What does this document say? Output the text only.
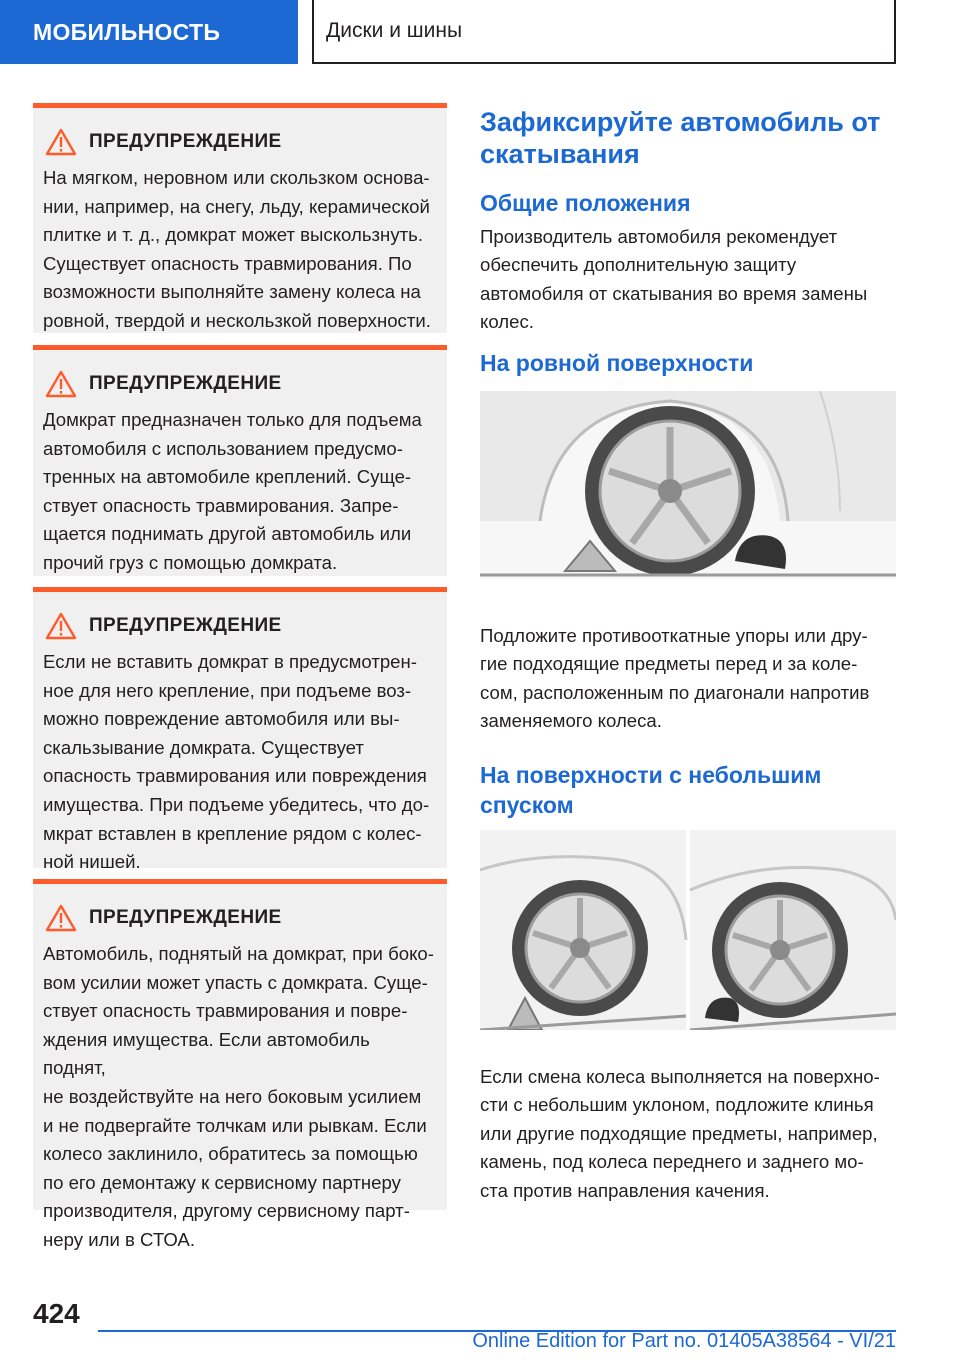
МОБИЛЬНОСТЬ	Диски и шины
ПРЕДУПРЕЖДЕНИЕ
На мягком, неровном или скользком основа-
нии, например, на снегу, льду, керамической
плитке и т. д., домкрат может выскользнуть.
Существует опасность травмирования. По
возможности выполняйте замену колеса на
ровной, твердой и нескользкой поверхности.
ПРЕДУПРЕЖДЕНИЕ
Домкрат предназначен только для подъема
автомобиля с использованием предусмо-
тренных на автомобиле креплений. Суще-
ствует опасность травмирования. Запре-
щается поднимать другой автомобиль или
прочий груз с помощью домкрата.
ПРЕДУПРЕЖДЕНИЕ
Если не вставить домкрат в предусмотрен-
ное для него крепление, при подъеме воз-
можно повреждение автомобиля или вы-
скальзывание домкрата. Существует
опасность травмирования или повреждения
имущества. При подъеме убедитесь, что до-
мкрат вставлен в крепление рядом с колес-
ной нишей.
ПРЕДУПРЕЖДЕНИЕ
Автомобиль, поднятый на домкрат, при боко-
вом усилии может упасть с домкрата. Суще-
ствует опасность травмирования и повре-
ждения имущества. Если автомобиль поднят,
не воздействуйте на него боковым усилием
и не подвергайте толчкам или рывкам. Если
колесо заклинило, обратитесь за помощью
по его демонтажу к сервисному партнеру
производителя, другому сервисному парт-
неру или в СТОА.
Зафиксируйте автомобиль от
скатывания
Общие положения
Производитель автомобиля рекомендует
обеспечить дополнительную защиту
автомобиля от скатывания во время замены
колес.
На ровной поверхности
Подложите противооткатные упоры или дру-
гие подходящие предметы перед и за коле-
сом, расположенным по диагонали напротив
заменяемого колеса.
На поверхности с небольшим
спуском
Если смена колеса выполняется на поверхно-
сти с небольшим уклоном, подложите клинья
или другие подходящие предметы, например,
камень, под колеса переднего и заднего мо-
ста против направления качения.
424
Online Edition for Part no. 01405A38564 - VI/21
